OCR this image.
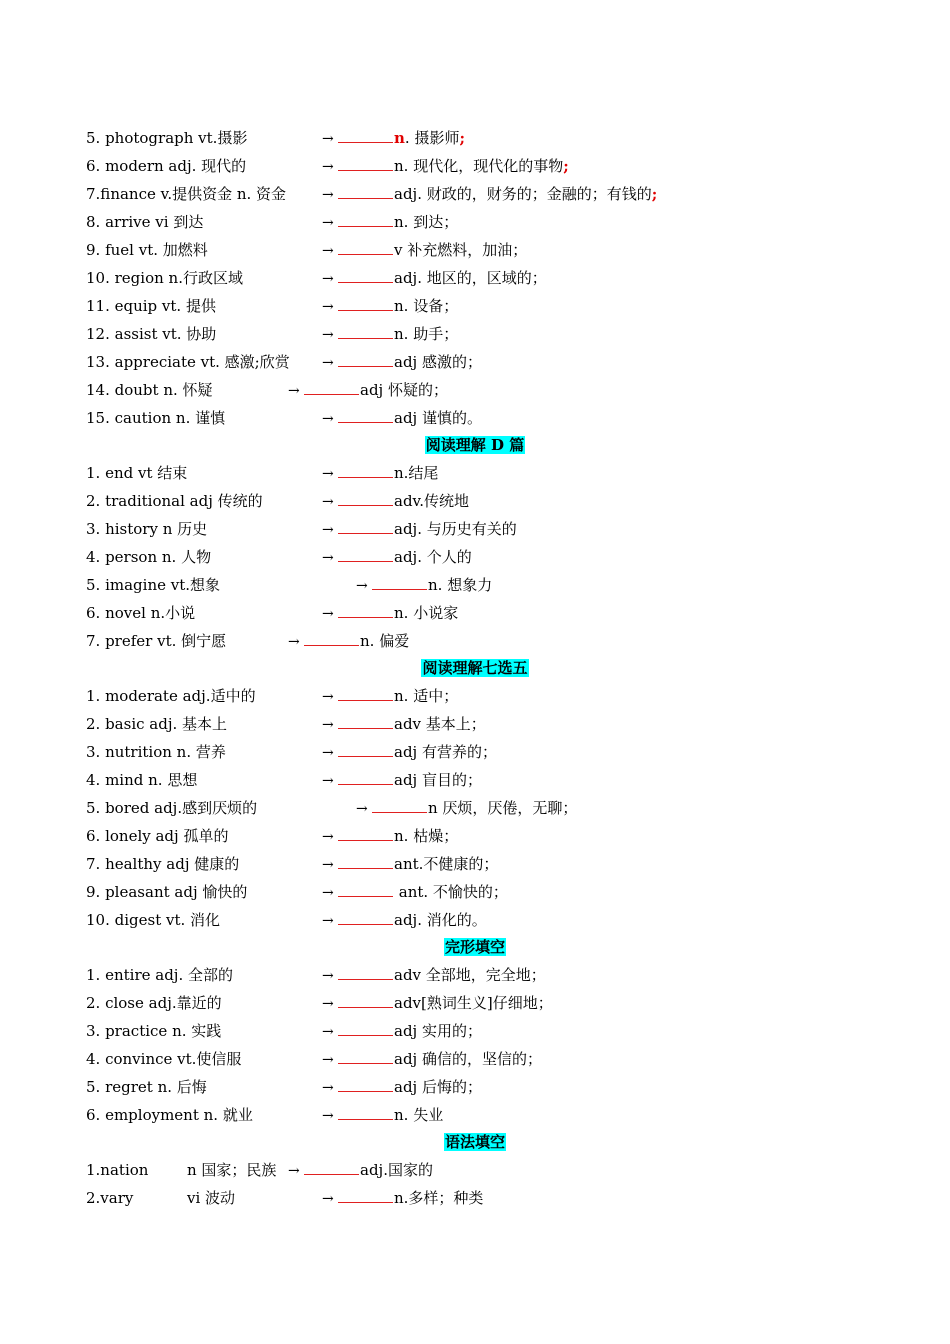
5. photograph vt.摄影	→	n. 摄影师;
6. modern adj. 现代的	→	n. 现代化，现代化的事物;
7.finance v.提供资金 n. 资金	→	adj. 财政的，财务的；金融的；有钱的;
8. arrive vi 到达	→	n. 到达；
9. fuel vt. 加燃料	→	v 补充燃料，加油；
10. region n.行政区域	→	adj. 地区的，区域的；
11. equip vt. 提供	→	n. 设备；
12. assist vt. 协助	→	n. 助手；
13. appreciate vt. 感激;欣赏 →	adj 感激的；
14. doubt n. 怀疑	→	adj 怀疑的；
15. caution n. 谨慎	→	adj 谨慎的。
阅读理解 D 篇
1. end vt 结束	→	n.结尾
2. traditional adj 传统的	→	adv.传统地
3. history n 历史	→	adj. 与历史有关的
4. person n. 人物	→	adj. 个人的
5. imagine vt.想象	→	n. 想象力
6. novel n.小说	→	n. 小说家
7. prefer vt. 倒宁愿	→	n. 偏爱
阅读理解七选五
1. moderate adj.适中的	→	n. 适中；
2. basic adj. 基本上	→	adv 基本上；
3. nutrition n. 营养	→	adj 有营养的；
4. mind n. 思想	→	adj 盲目的；
5. bored adj.感到厌烦的	→	n 厌烦，厌倦，无聊；
6. lonely adj 孤单的	→	n. 枯燥；
7. healthy adj 健康的	→	ant.不健康的；
9. pleasant adj 愉快的	→	ant. 不愉快的；
10. digest vt. 消化	→	adj. 消化的。
完形填空
1. entire adj. 全部的	→	adv 全部地，完全地；
2. close adj.靠近的	→	adv[熟词生义]仔细地；
3. practice n. 实践	→	adj 实用的；
4. convince vt.使信服	→	adj 确信的，坚信的；
5. regret n. 后悔	→	adj 后悔的；
6. employment n. 就业	→	n. 失业
语法填空
1.nation	n 国家；民族 →	adj.国家的
2.vary	vi 波动	→	n.多样；种类
